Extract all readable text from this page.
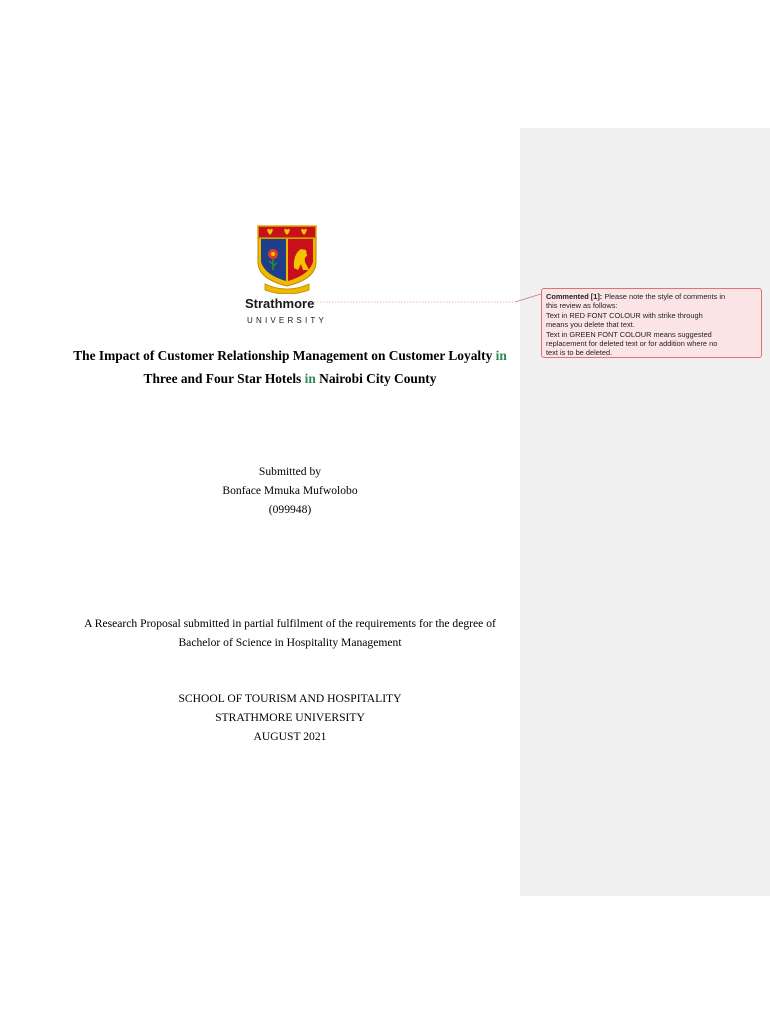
Commented [1]: Please note the style of comments in
this review as follows:
Text in RED FONT COLOUR with strike through
means you delete that text.
Text in GREEN FONT COLOUR means suggested
replacement for deleted text or for addition where no
text is to be deleted.
Strathmore
UNIVERSITY
The Impact of Customer Relationship Management on Customer Loyalty in
Three and Four Star Hotels in Nairobi City County
Submitted by
Bonface Mmuka Mufwolobo
(099948)
A Research Proposal submitted in partial fulfilment of the requirements for the degree of
Bachelor of Science in Hospitality Management
SCHOOL OF TOURISM AND HOSPITALITY
STRATHMORE UNIVERSITY
AUGUST 2021
